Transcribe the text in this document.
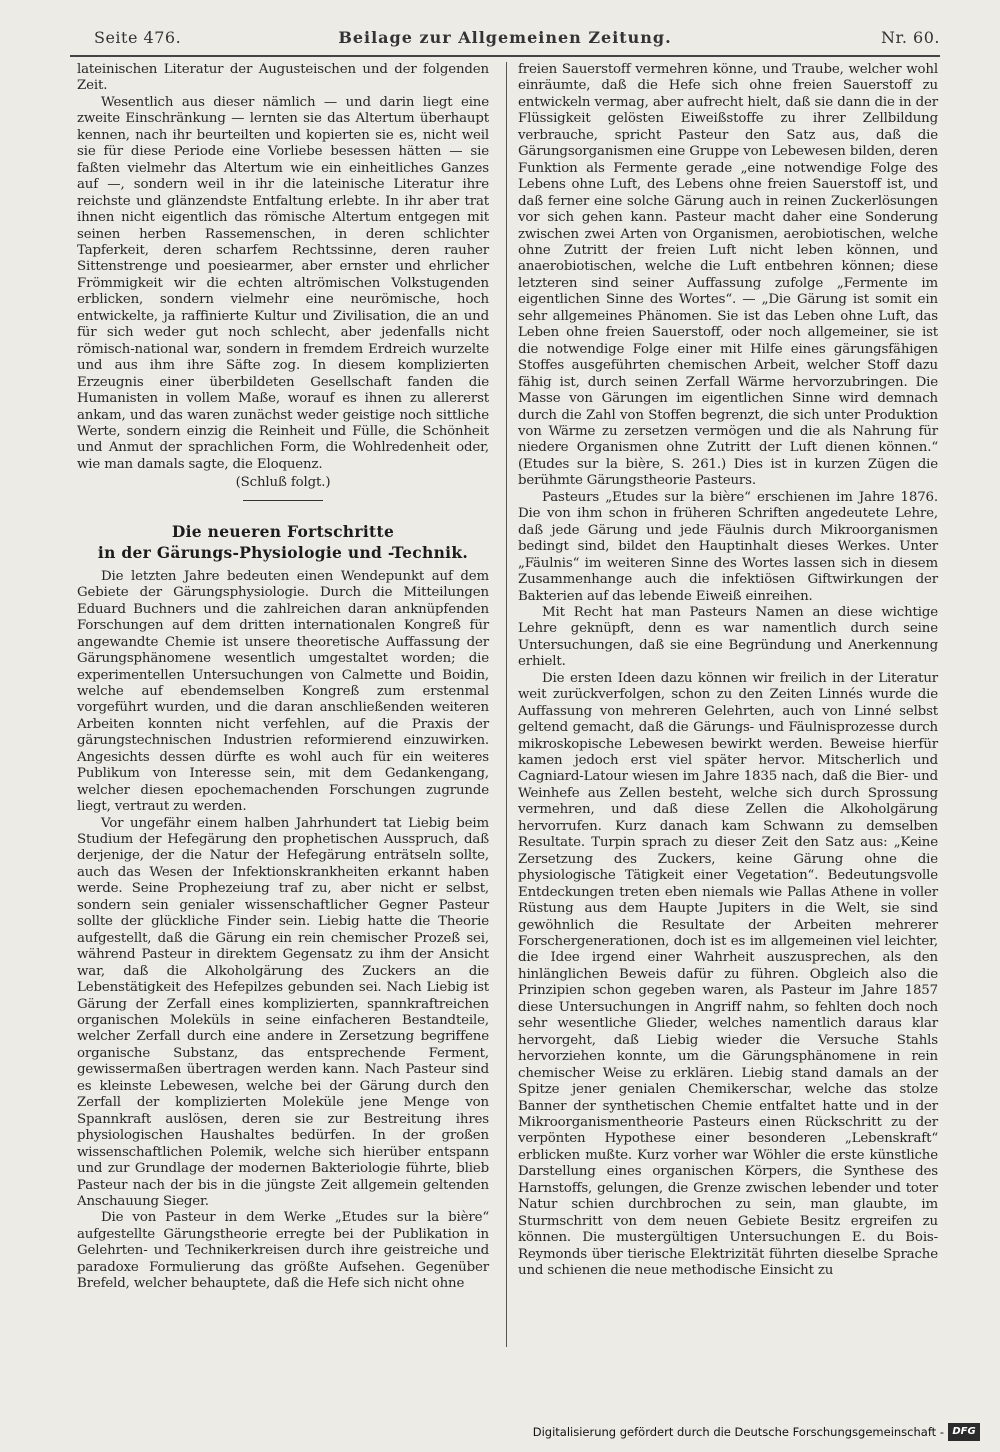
Seite 476.	Beilage zur Allgemeinen Zeitung.	Nr. 60.

lateinischen Literatur der Augusteischen und der folgenden Zeit.

Wesentlich aus dieser nämlich — und darin liegt eine zweite Einschränkung — lernten sie das Altertum überhaupt kennen, nach ihr beurteilten und kopierten sie es, nicht weil sie für diese Periode eine Vorliebe besessen hätten — sie faßten vielmehr das Altertum wie ein einheitliches Ganzes auf —, sondern weil in ihr die lateinische Literatur ihre reichste und glänzendste Entfaltung erlebte. In ihr aber trat ihnen nicht eigentlich das römische Altertum entgegen mit seinen herben Rassemenschen, in deren schlichter Tapferkeit, deren scharfem Rechtssinne, deren rauher Sittenstrenge und poesiearmer, aber ernster und ehrlicher Frömmigkeit wir die echten altrömischen Volkstugenden erblicken, sondern vielmehr eine neurömische, hoch entwickelte, ja raffinierte Kultur und Zivilisation, die an und für sich weder gut noch schlecht, aber jedenfalls nicht römisch-national war, sondern in fremdem Erdreich wurzelte und aus ihm ihre Säfte zog. In diesem komplizierten Erzeugnis einer überbildeten Gesellschaft fanden die Humanisten in vollem Maße, worauf es ihnen zu allererst ankam, und das waren zunächst weder geistige noch sittliche Werte, sondern einzig die Reinheit und Fülle, die Schönheit und Anmut der sprachlichen Form, die Wohlredenheit oder, wie man damals sagte, die Eloquenz.

(Schluß folgt.)

Die neueren Fortschritte
in der Gärungs-Physiologie und -Technik.

Die letzten Jahre bedeuten einen Wendepunkt auf dem Gebiete der Gärungsphysiologie. Durch die Mitteilungen Eduard Buchners und die zahlreichen daran anknüpfenden Forschungen auf dem dritten internationalen Kongreß für angewandte Chemie ist unsere theoretische Auffassung der Gärungsphänomene wesentlich umgestaltet worden; die experimentellen Untersuchungen von Calmette und Boidin, welche auf ebendemselben Kongreß zum erstenmal vorgeführt wurden, und die daran anschließenden weiteren Arbeiten konnten nicht verfehlen, auf die Praxis der gärungstechnischen Industrien reformierend einzuwirken. Angesichts dessen dürfte es wohl auch für ein weiteres Publikum von Interesse sein, mit dem Gedankengang, welcher diesen epochemachenden Forschungen zugrunde liegt, vertraut zu werden.

Vor ungefähr einem halben Jahrhundert tat Liebig beim Studium der Hefegärung den prophetischen Ausspruch, daß derjenige, der die Natur der Hefegärung enträtseln sollte, auch das Wesen der Infektionskrankheiten erkannt haben werde. Seine Prophezeiung traf zu, aber nicht er selbst, sondern sein genialer wissenschaftlicher Gegner Pasteur sollte der glückliche Finder sein. Liebig hatte die Theorie aufgestellt, daß die Gärung ein rein chemischer Prozeß sei, während Pasteur in direktem Gegensatz zu ihm der Ansicht war, daß die Alkoholgärung des Zuckers an die Lebenstätigkeit des Hefepilzes gebunden sei. Nach Liebig ist Gärung der Zerfall eines komplizierten, spannkraftreichen organischen Moleküls in seine einfacheren Bestandteile, welcher Zerfall durch eine andere in Zersetzung begriffene organische Substanz, das entsprechende Ferment, gewissermaßen übertragen werden kann. Nach Pasteur sind es kleinste Lebewesen, welche bei der Gärung durch den Zerfall der komplizierten Moleküle jene Menge von Spannkraft auslösen, deren sie zur Bestreitung ihres physiologischen Haushaltes bedürfen. In der großen wissenschaftlichen Polemik, welche sich hierüber entspann und zur Grundlage der modernen Bakteriologie führte, blieb Pasteur nach der bis in die jüngste Zeit allgemein geltenden Anschauung Sieger.

Die von Pasteur in dem Werke „Etudes sur la bière“ aufgestellte Gärungstheorie erregte bei der Publikation in Gelehrten- und Technikerkreisen durch ihre geistreiche und paradoxe Formulierung das größte Aufsehen. Gegenüber Brefeld, welcher behauptete, daß die Hefe sich nicht ohne

freien Sauerstoff vermehren könne, und Traube, welcher wohl einräumte, daß die Hefe sich ohne freien Sauerstoff zu entwickeln vermag, aber aufrecht hielt, daß sie dann die in der Flüssigkeit gelösten Eiweißstoffe zu ihrer Zellbildung verbrauche, spricht Pasteur den Satz aus, daß die Gärungsorganismen eine Gruppe von Lebewesen bilden, deren Funktion als Fermente gerade „eine notwendige Folge des Lebens ohne Luft, des Lebens ohne freien Sauerstoff ist, und daß ferner eine solche Gärung auch in reinen Zuckerlösungen vor sich gehen kann. Pasteur macht daher eine Sonderung zwischen zwei Arten von Organismen, aerobiotischen, welche ohne Zutritt der freien Luft nicht leben können, und anaerobiotischen, welche die Luft entbehren können; diese letzteren sind seiner Auffassung zufolge „Fermente im eigentlichen Sinne des Wortes“. — „Die Gärung ist somit ein sehr allgemeines Phänomen. Sie ist das Leben ohne Luft, das Leben ohne freien Sauerstoff, oder noch allgemeiner, sie ist die notwendige Folge einer mit Hilfe eines gärungsfähigen Stoffes ausgeführten chemischen Arbeit, welcher Stoff dazu fähig ist, durch seinen Zerfall Wärme hervorzubringen. Die Masse von Gärungen im eigentlichen Sinne wird demnach durch die Zahl von Stoffen begrenzt, die sich unter Produktion von Wärme zu zersetzen vermögen und die als Nahrung für niedere Organismen ohne Zutritt der Luft dienen können.“ (Etudes sur la bière, S. 261.) Dies ist in kurzen Zügen die berühmte Gärungstheorie Pasteurs.

Pasteurs „Etudes sur la bière“ erschienen im Jahre 1876. Die von ihm schon in früheren Schriften angedeutete Lehre, daß jede Gärung und jede Fäulnis durch Mikroorganismen bedingt sind, bildet den Hauptinhalt dieses Werkes. Unter „Fäulnis“ im weiteren Sinne des Wortes lassen sich in diesem Zusammenhange auch die infektiösen Giftwirkungen der Bakterien auf das lebende Eiweiß einreihen.

Mit Recht hat man Pasteurs Namen an diese wichtige Lehre geknüpft, denn es war namentlich durch seine Untersuchungen, daß sie eine Begründung und Anerkennung erhielt.

Die ersten Ideen dazu können wir freilich in der Literatur weit zurückverfolgen, schon zu den Zeiten Linnés wurde die Auffassung von mehreren Gelehrten, auch von Linné selbst geltend gemacht, daß die Gärungs- und Fäulnisprozesse durch mikroskopische Lebewesen bewirkt werden. Beweise hierfür kamen jedoch erst viel später hervor. Mitscherlich und Cagniard-Latour wiesen im Jahre 1835 nach, daß die Bier- und Weinhefe aus Zellen besteht, welche sich durch Sprossung vermehren, und daß diese Zellen die Alkoholgärung hervorrufen. Kurz danach kam Schwann zu demselben Resultate. Turpin sprach zu dieser Zeit den Satz aus: „Keine Zersetzung des Zuckers, keine Gärung ohne die physiologische Tätigkeit einer Vegetation“. Bedeutungsvolle Entdeckungen treten eben niemals wie Pallas Athene in voller Rüstung aus dem Haupte Jupiters in die Welt, sie sind gewöhnlich die Resultate der Arbeiten mehrerer Forschergenerationen, doch ist es im allgemeinen viel leichter, die Idee irgend einer Wahrheit auszusprechen, als den hinlänglichen Beweis dafür zu führen. Obgleich also die Prinzipien schon gegeben waren, als Pasteur im Jahre 1857 diese Untersuchungen in Angriff nahm, so fehlten doch noch sehr wesentliche Glieder, welches namentlich daraus klar hervorgeht, daß Liebig wieder die Versuche Stahls hervorziehen konnte, um die Gärungsphänomene in rein chemischer Weise zu erklären. Liebig stand damals an der Spitze jener genialen Chemikerschar, welche das stolze Banner der synthetischen Chemie entfaltet hatte und in der Mikroorganismentheorie Pasteurs einen Rückschritt zu der verpönten Hypothese einer besonderen „Lebenskraft“ erblicken mußte. Kurz vorher war Wöhler die erste künstliche Darstellung eines organischen Körpers, die Synthese des Harnstoffs, gelungen, die Grenze zwischen lebender und toter Natur schien durchbrochen zu sein, man glaubte, im Sturmschritt von dem neuen Gebiete Besitz ergreifen zu können. Die mustergültigen Untersuchungen E. du Bois-Reymonds über tierische Elektrizität führten dieselbe Sprache und schienen die neue methodische Einsicht zu

Digitalisierung gefördert durch die Deutsche Forschungsgemeinschaft - DFG
